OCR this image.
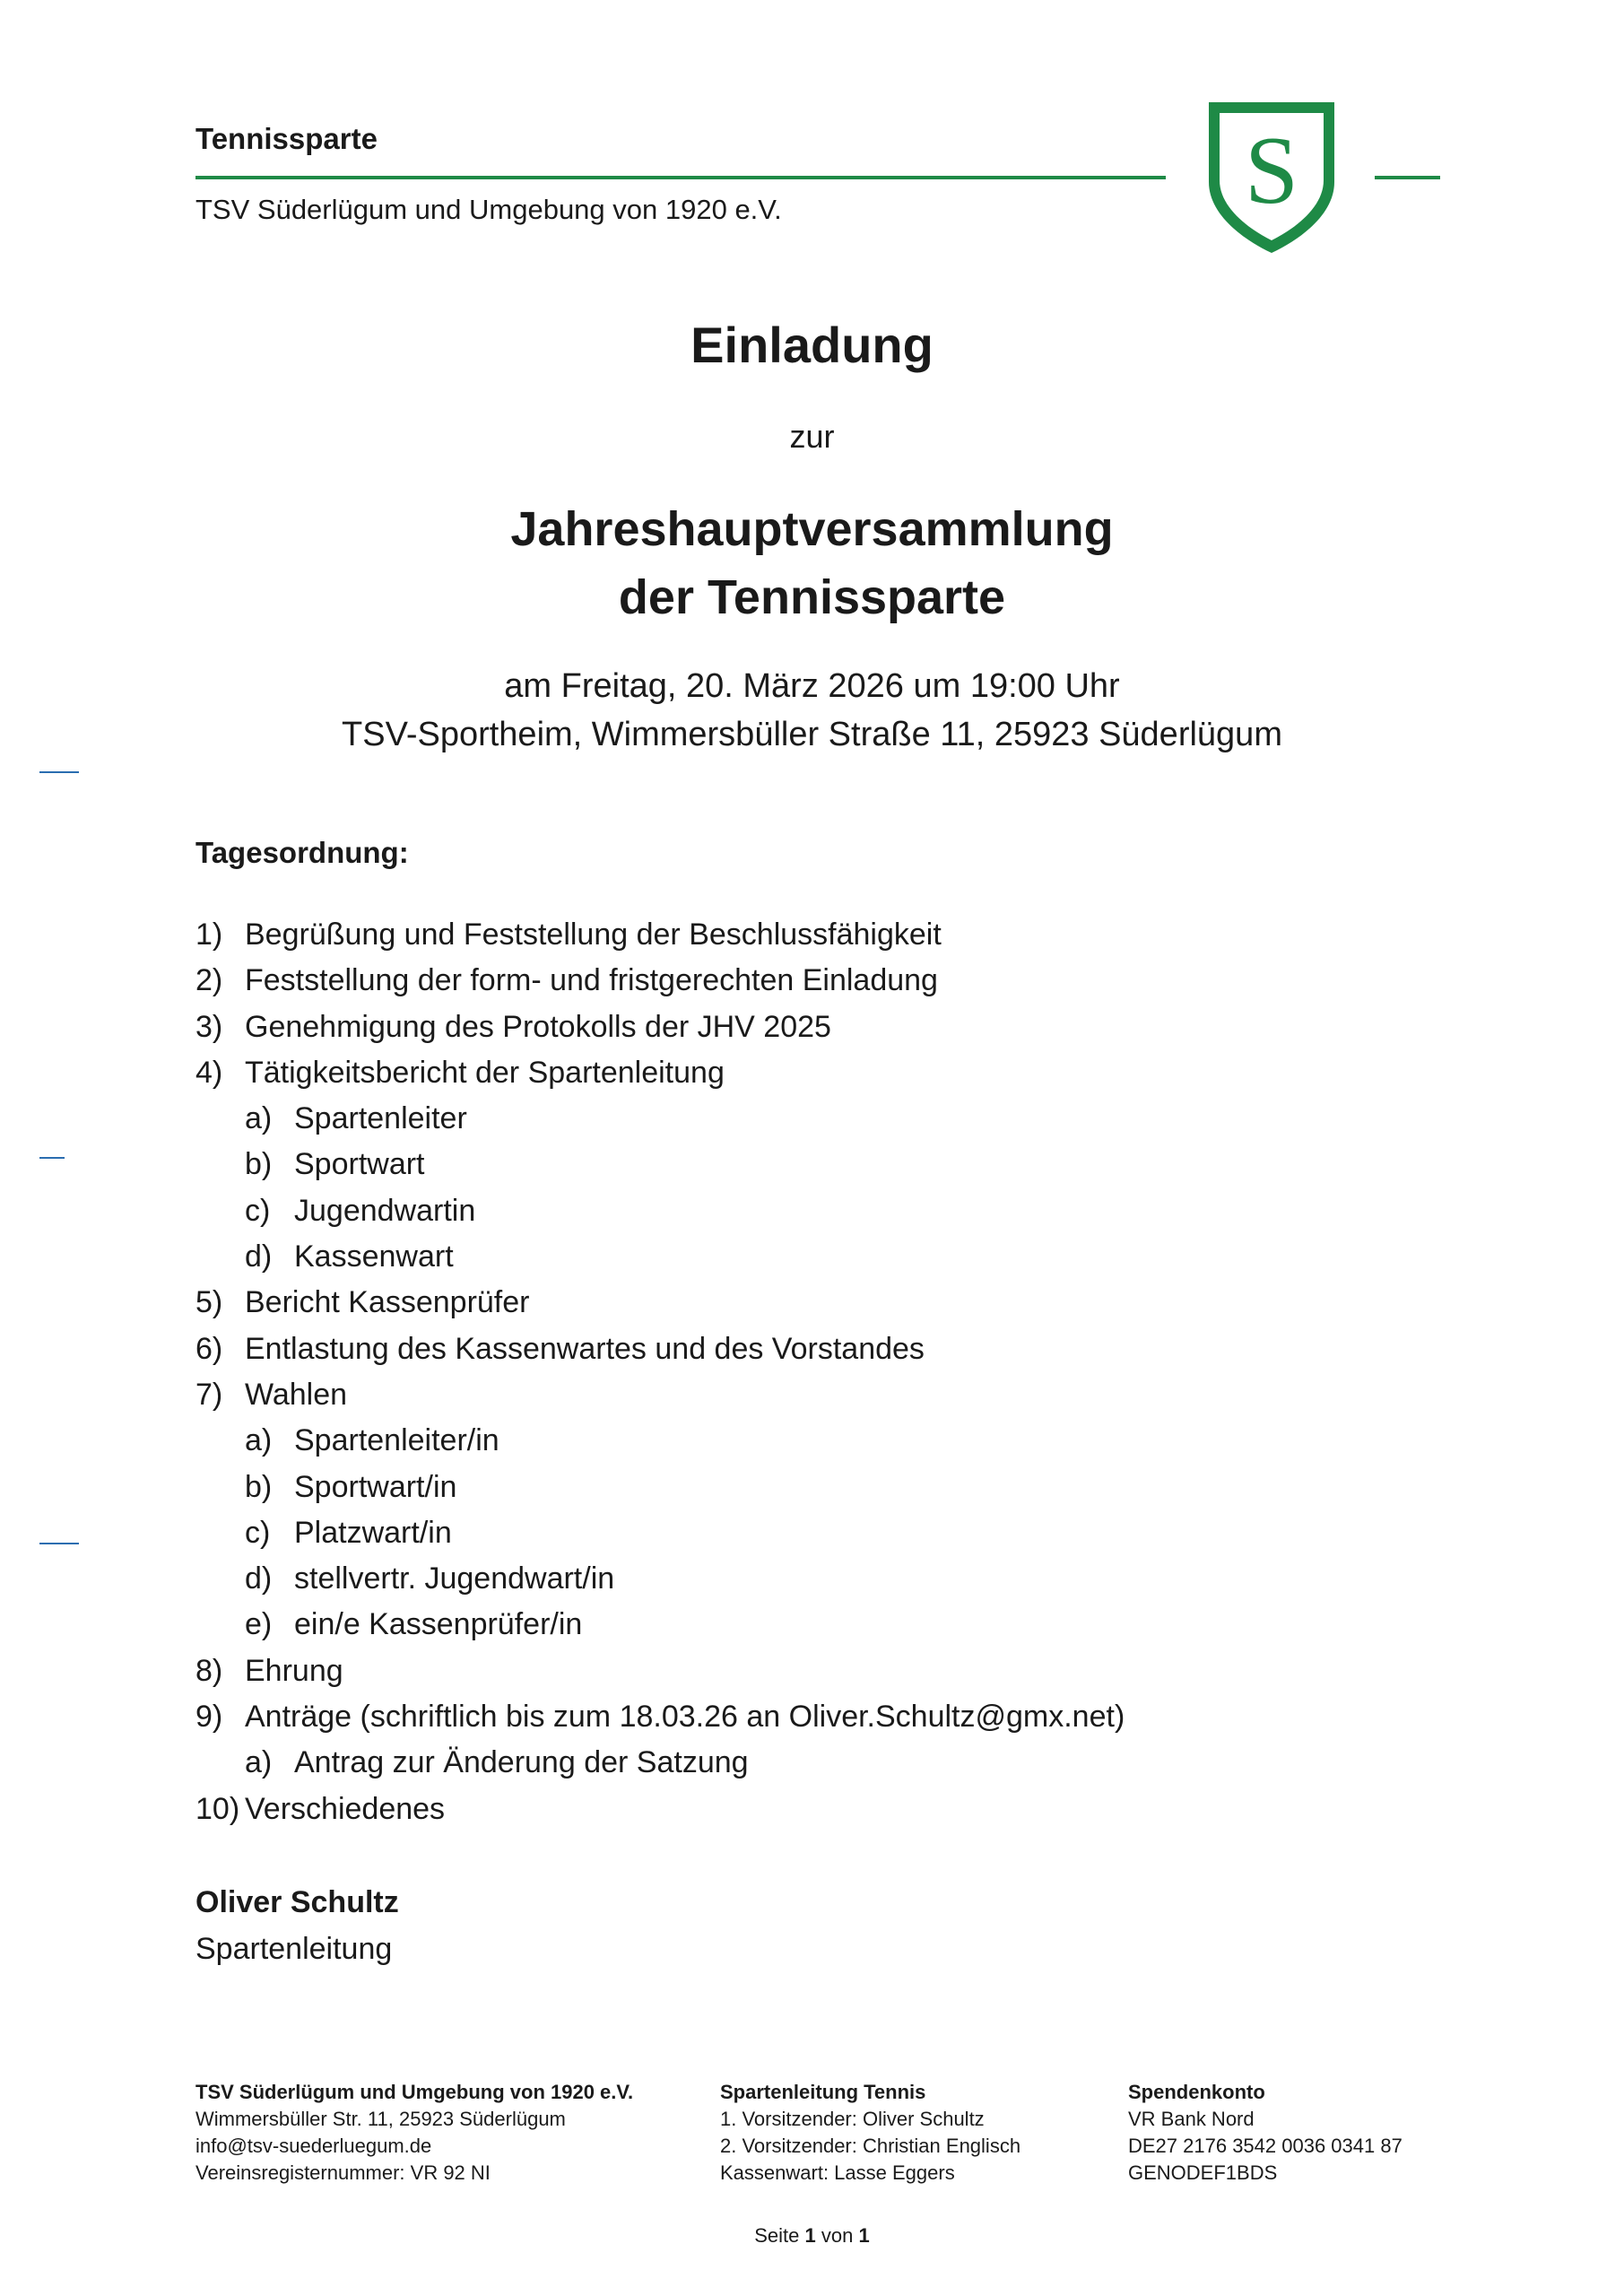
Tennissparte
TSV Süderlügum und Umgebung von 1920 e.V.	S
Einladung
zur
Jahreshauptversammlung
der Tennissparte
am Freitag, 20. März 2026 um 19:00 Uhr
TSV-Sportheim, Wimmersbüller Straße 11, 25923 Süderlügum
Tagesordnung:
1) Begrüßung und Feststellung der Beschlussfähigkeit
2) Feststellung der form- und fristgerechten Einladung
3) Genehmigung des Protokolls der JHV 2025
4) Tätigkeitsbericht der Spartenleitung
a) Spartenleiter
b) Sportwart
c) Jugendwartin
d) Kassenwart
5) Bericht Kassenprüfer
6) Entlastung des Kassenwartes und des Vorstandes
7) Wahlen
a) Spartenleiter/in
b) Sportwart/in
c) Platzwart/in
d) stellvertr. Jugendwart/in
e) ein/e Kassenprüfer/in
8) Ehrung
9) Anträge (schriftlich bis zum 18.03.26 an Oliver.Schultz@gmx.net)
a) Antrag zur Änderung der Satzung
10) Verschiedenes
Oliver Schultz
Spartenleitung
TSV Süderlügum und Umgebung von 1920 e.V.
Wimmersbüller Str. 11, 25923 Süderlügum
info@tsv-suederluegum.de
Vereinsregisternummer: VR 92 NI
Spartenleitung Tennis
1. Vorsitzender: Oliver Schultz
2. Vorsitzender: Christian Englisch
Kassenwart: Lasse Eggers
Spendenkonto
VR Bank Nord
DE27 2176 3542 0036 0341 87
GENODEF1BDS
Seite 1 von 1
